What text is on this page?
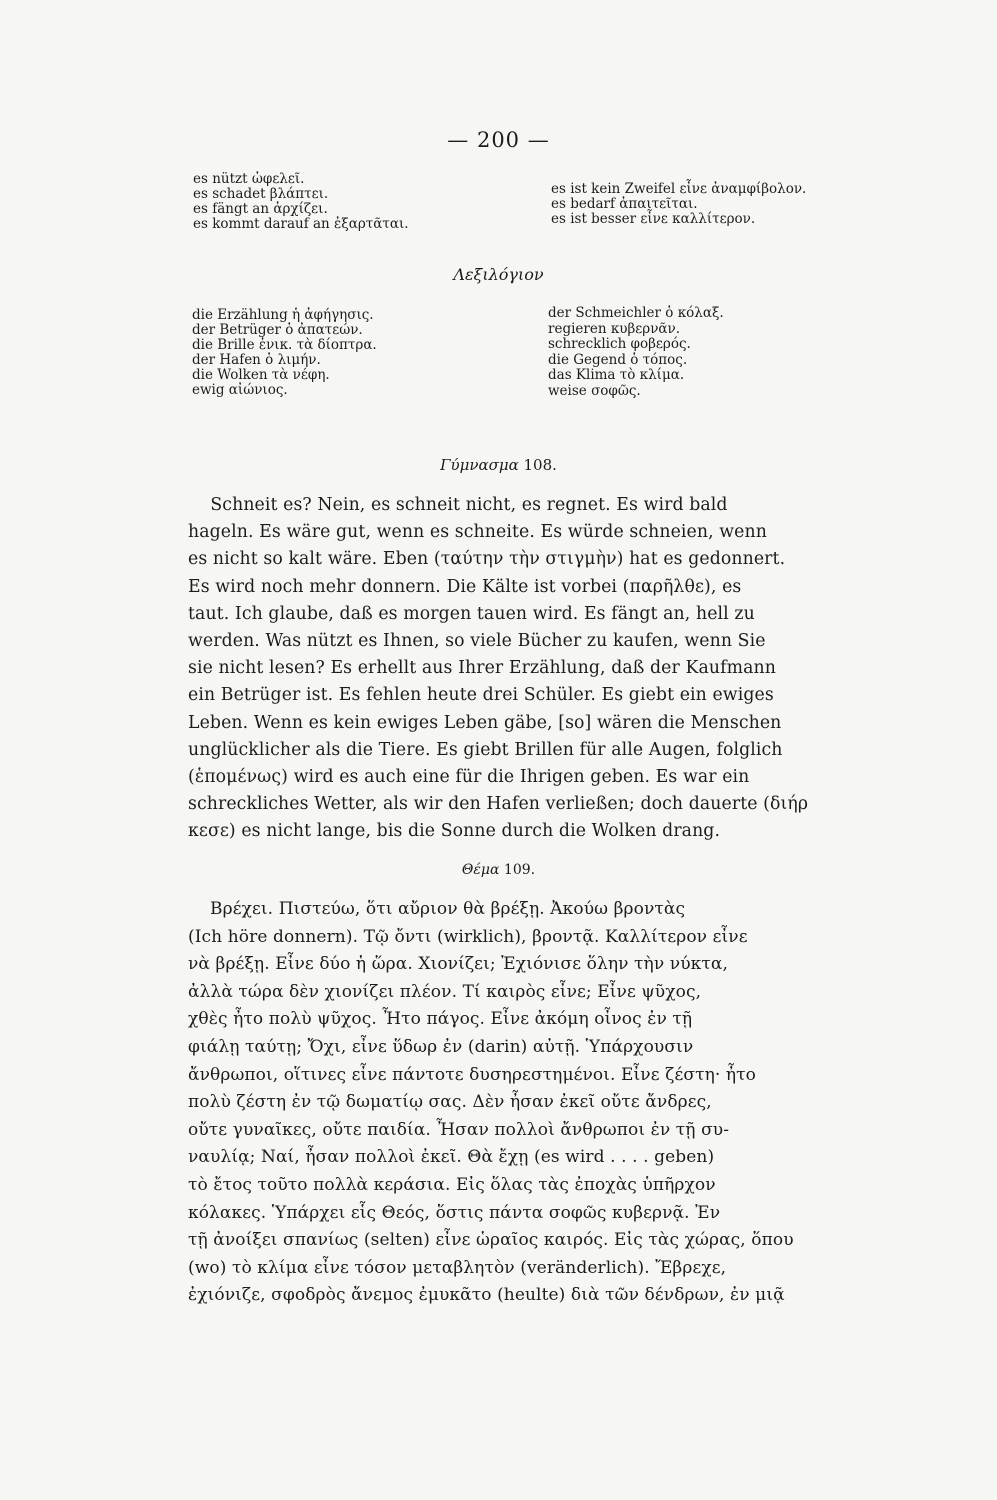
— 200 —
es nützt ὠφελεῖ.
es schadet βλάπτει.
es fängt an ἀρχίζει.
es kommt darauf an ἐξαρτᾶται.
es ist kein Zweifel εἶνε ἀναμφίβολον.
es bedarf ἀπαιτεῖται.
es ist besser εἶνε καλλίτερον.
Λεξιλόγιον
die Erzählung ἡ ἀφήγησις.
der Betrüger ὁ ἀπατεών.
die Brille ἐνικ. τὰ δίοπτρα.
der Hafen ὁ λιμήν.
die Wolken τὰ νέφη.
ewig αἰώνιος.
der Schmeichler ὁ κόλαξ.
regieren κυβερνᾶν.
schrecklich φοβερός.
die Gegend ὁ τόπος.
das Klima τὸ κλίμα.
weise σοφῶς.
Γύμνασμα 108.
Schneit es? Nein, es schneit nicht, es regnet. Es wird bald
hageln. Es wäre gut, wenn es schneite. Es würde schneien, wenn
es nicht so kalt wäre. Eben (ταύτην τὴν στιγμὴν) hat es gedonnert.
Es wird noch mehr donnern. Die Kälte ist vorbei (παρῆλθε), es
taut. Ich glaube, daß es morgen tauen wird. Es fängt an, hell zu
werden. Was nützt es Ihnen, so viele Bücher zu kaufen, wenn Sie
sie nicht lesen? Es erhellt aus Ihrer Erzählung, daß der Kaufmann
ein Betrüger ist. Es fehlen heute drei Schüler. Es giebt ein ewiges
Leben. Wenn es kein ewiges Leben gäbe, [so] wären die Menschen
unglücklicher als die Tiere. Es giebt Brillen für alle Augen, folglich
(ἑπομένως) wird es auch eine für die Ihrigen geben. Es war ein
schreckliches Wetter, als wir den Hafen verließen; doch dauerte (διήρ
κεσε) es nicht lange, bis die Sonne durch die Wolken drang.
Θέμα 109.
Βρέχει. Πιστεύω, ὅτι αὔριον θὰ βρέξῃ. Ἀκούω βροντὰς
(Ich höre donnern). Τῷ ὄντι (wirklich), βροντᾷ. Καλλίτερον εἶνε
νὰ βρέξῃ. Εἶνε δύο ἡ ὥρα. Χιονίζει; Ἐχιόνισε ὅλην τὴν νύκτα,
ἀλλὰ τώρα δὲν χιονίζει πλέον. Τί καιρὸς εἶνε; Εἶνε ψῦχος,
χθὲς ἦτο πολὺ ψῦχος. Ἦτο πάγος. Εἶνε ἀκόμη οἶνος ἐν τῇ
φιάλῃ ταύτῃ; Ὄχι, εἶνε ὕδωρ ἐν (darin) αὐτῇ. Ὑπάρχουσιν
ἄνθρωποι, οἵτινες εἶνε πάντοτε δυσηρεστημένοι. Εἶνε ζέστη· ἦτο
πολὺ ζέστη ἐν τῷ δωματίῳ σας. Δὲν ἦσαν ἐκεῖ οὔτε ἄνδρες,
οὔτε γυναῖκες, οὔτε παιδία. Ἦσαν πολλοὶ ἄνθρωποι ἐν τῇ συ-
ναυλίᾳ; Ναί, ἦσαν πολλοὶ ἐκεῖ. Θὰ ἔχῃ (es wird . . . . geben)
τὸ ἔτος τοῦτο πολλὰ κεράσια. Εἰς ὅλας τὰς ἐποχὰς ὑπῆρχον
κόλακες. Ὑπάρχει εἷς Θεός, ὅστις πάντα σοφῶς κυβερνᾷ. Ἐν
τῇ ἀνοίξει σπανίως (selten) εἶνε ὡραῖος καιρός. Εἰς τὰς χώρας, ὅπου
(wo) τὸ κλίμα εἶνε τόσον μεταβλητὸν (veränderlich). Ἔβρεχε,
ἐχιόνιζε, σφοδρὸς ἄνεμος ἐμυκᾶτο (heulte) διὰ τῶν δένδρων, ἐν μιᾷ
